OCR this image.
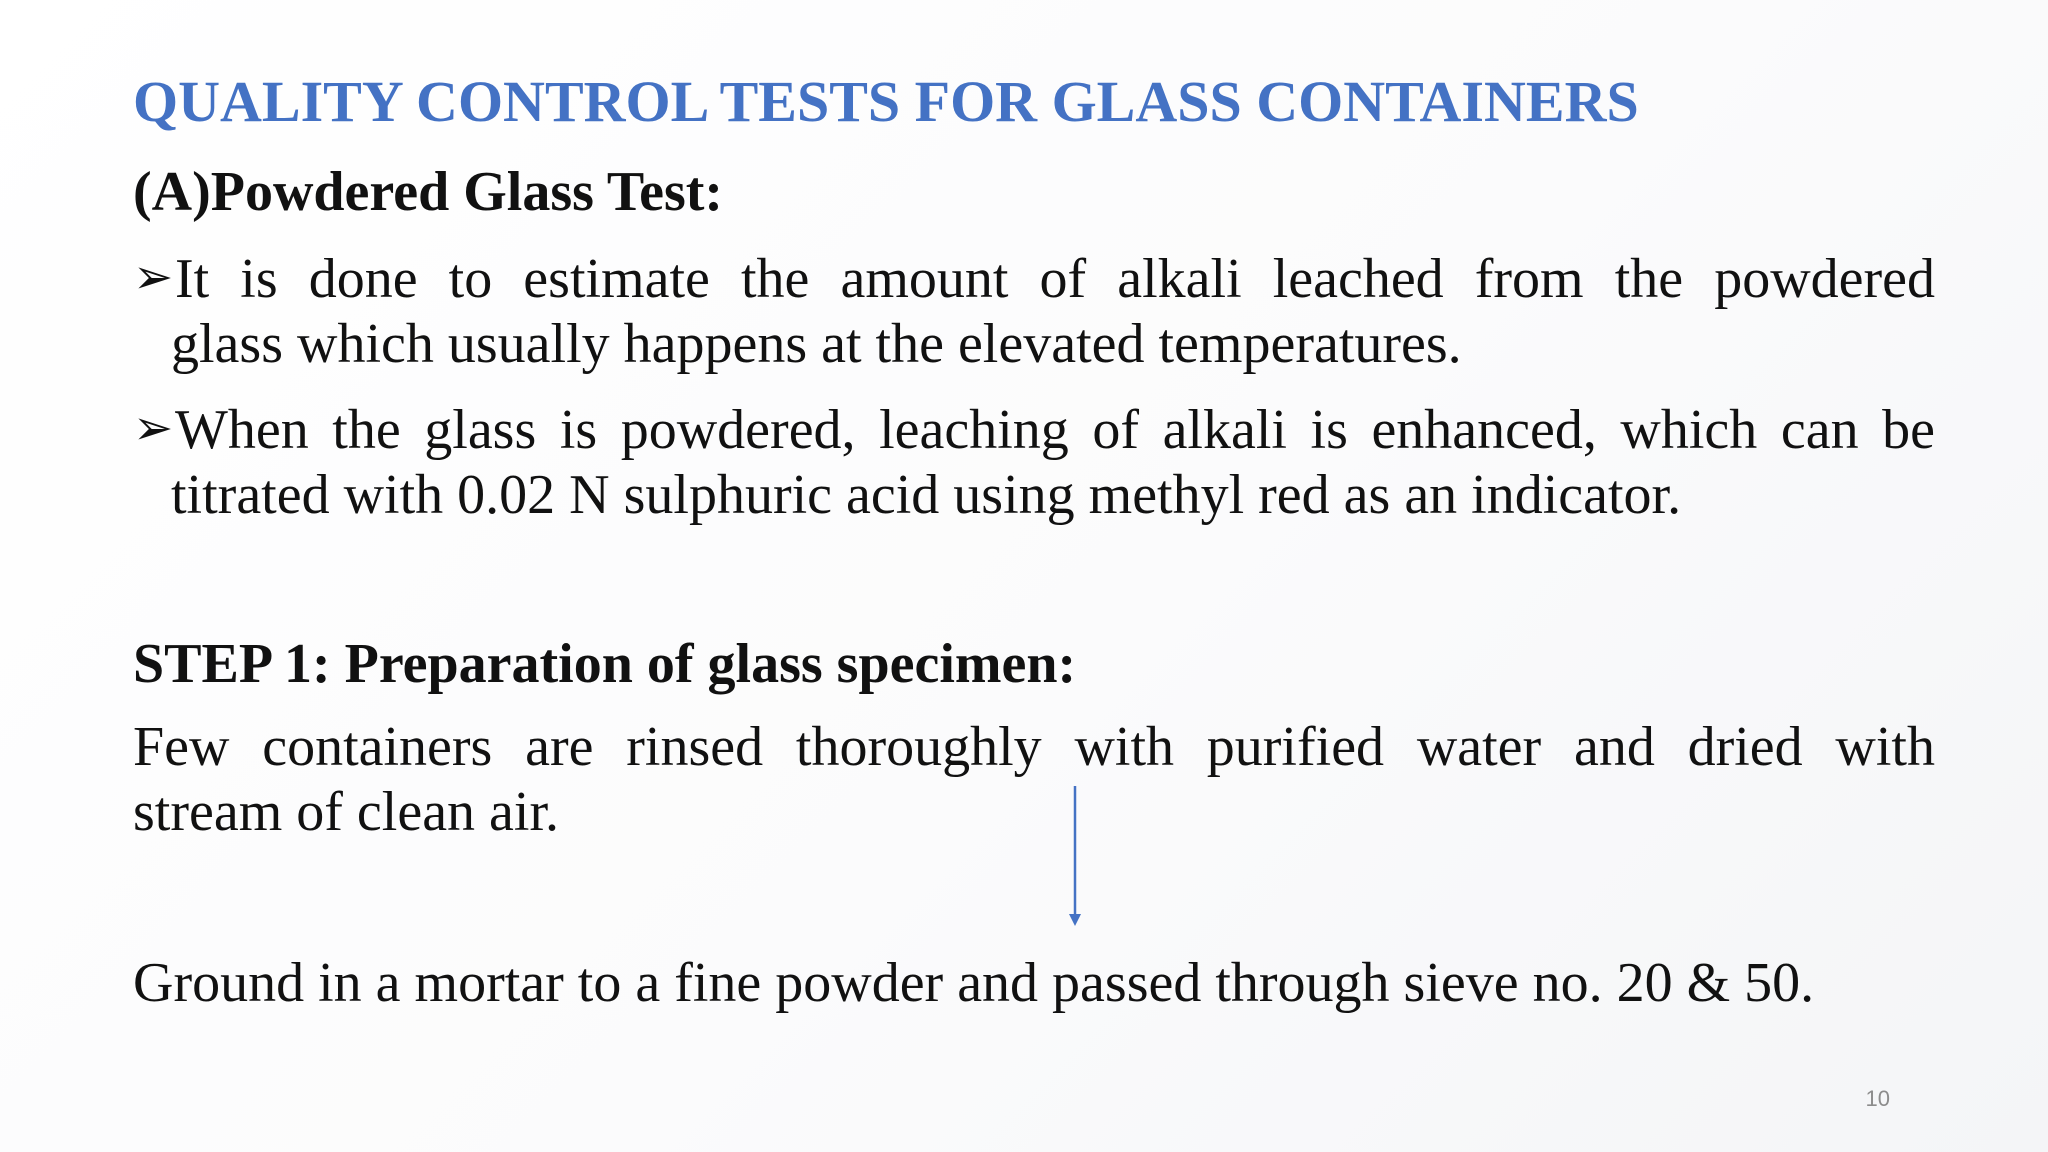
QUALITY CONTROL TESTS FOR GLASS CONTAINERS
(A)Powdered Glass Test:
➢It is done to estimate the amount of alkali leached from the powdered
glass which usually happens at the elevated temperatures.
➢When the glass is powdered, leaching of alkali is enhanced, which can be
titrated with 0.02 N sulphuric acid using methyl red as an indicator.
STEP 1: Preparation of glass specimen:
Few containers are rinsed thoroughly with purified water and dried with
stream of clean air.
Ground in a mortar to a fine powder and passed through sieve no. 20 & 50.
10
